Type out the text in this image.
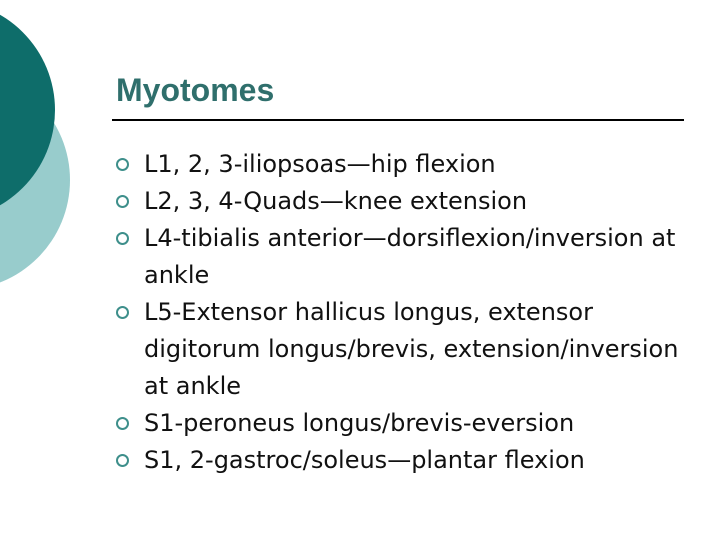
Myotomes
L1, 2, 3-iliopsoas—hip flexion
L2, 3, 4-Quads—knee extension
L4-tibialis anterior—dorsiflexion/inversion at ankle
L5-Extensor hallicus longus, extensor digitorum longus/brevis, extension/inversion at ankle
S1-peroneus longus/brevis-eversion
S1, 2-gastroc/soleus—plantar flexion
